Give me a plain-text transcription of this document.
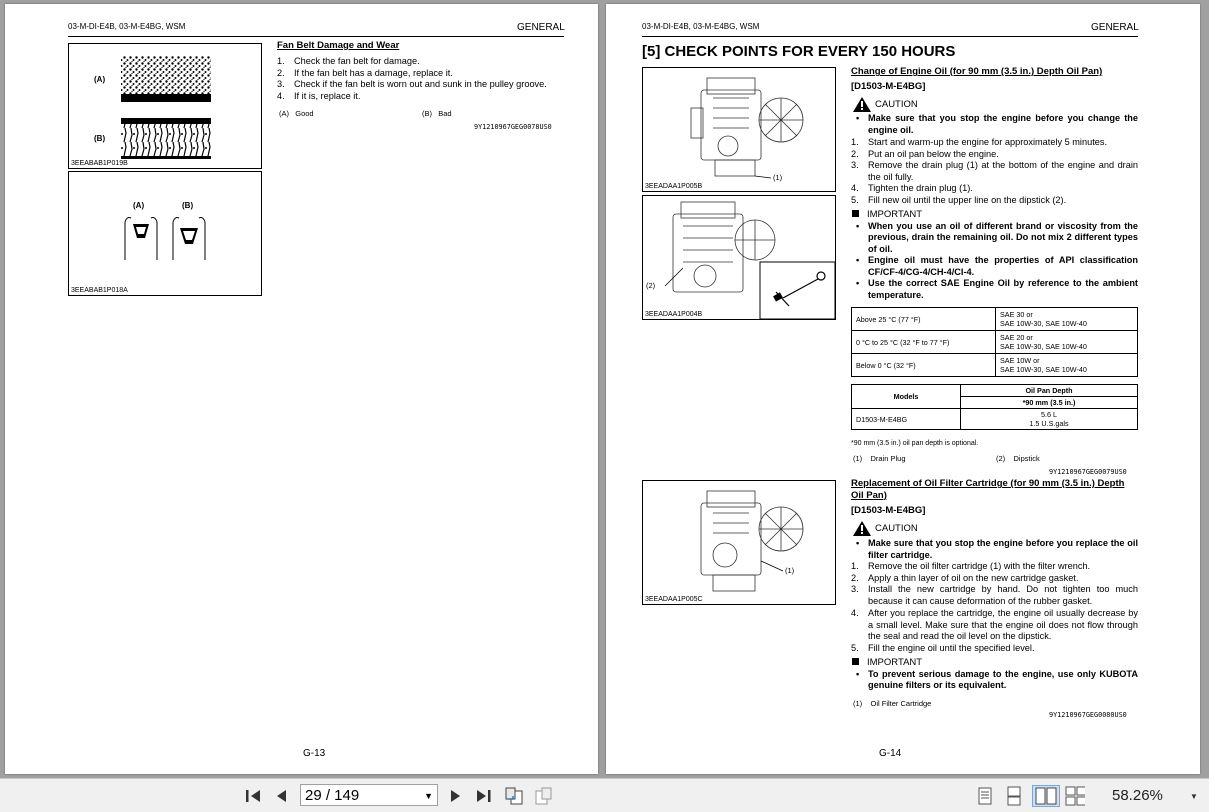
03-M-DI-E4B, 03-M-E4BG, WSM	GENERAL
(A)
(B)
3EEABAB1P019B
(A)	(B)
3EEABAB1P018A
Fan Belt Damage and Wear
1. Check the fan belt for damage.
2. If the fan belt has a damage, replace it.
3. Check if the fan belt is worn out and sunk in the pulley groove.
4. If it is, replace it.
(A)   Good	(B)   Bad
9Y1210967GEG0078US0
G-13
03-M-DI-E4B, 03-M-E4BG, WSM	GENERAL
[5] CHECK POINTS FOR EVERY 150 HOURS
(1)
3EEADAA1P005B
(2)
3EEADAA1P004B
Change of Engine Oil (for 90 mm (3.5 in.) Depth Oil Pan)
[D1503-M-E4BG]
CAUTION
• Make sure that you stop the engine before you change the engine oil.
1. Start and warm-up the engine for approximately 5 minutes.
2. Put an oil pan below the engine.
3. Remove the drain plug (1) at the bottom of the engine and drain the oil fully.
4. Tighten the drain plug (1).
5. Fill new oil until the upper line on the dipstick (2).
IMPORTANT
• When you use an oil of different brand or viscosity from the previous, drain the remaining oil. Do not mix 2 different types of oil.
• Engine oil must have the properties of API classification CF/CF-4/CG-4/CH-4/CI-4.
• Use the correct SAE Engine Oil by reference to the ambient temperature.
Above 25 °C (77 °F)	SAE 30 or
SAE 10W-30, SAE 10W-40

0 °C to 25 °C (32 °F to 77 °F)	SAE 20 or
SAE 10W-30, SAE 10W-40

Below 0 °C (32 °F)	SAE 10W or
SAE 10W-30, SAE 10W-40
Models	Oil Pan Depth
	*90 mm (3.5 in.)
D1503-M-E4BG	5.6 L
1.5 U.S.gals
*90 mm (3.5 in.) oil pan depth is optional.
(1)    Drain Plug	(2)    Dipstick
9Y1210967GEG0079US0
(1)
3EEADAA1P005C
Replacement of Oil Filter Cartridge (for 90 mm (3.5 in.) Depth Oil Pan)
[D1503-M-E4BG]
CAUTION
• Make sure that you stop the engine before you replace the oil filter cartridge.
1. Remove the oil filter cartridge (1) with the filter wrench.
2. Apply a thin layer of oil on the new cartridge gasket.
3. Install the new cartridge by hand. Do not tighten too much because it can cause deformation of the rubber gasket.
4. After you replace the cartridge, the engine oil usually decrease by a small level. Make sure that the engine oil does not flow through the seal and read the oil level on the dipstick.
5. Fill the engine oil until the specified level.
IMPORTANT
• To prevent serious damage to the engine, use only KUBOTA genuine filters or its equivalent.
(1)    Oil Filter Cartridge
9Y1210967GEG0080US0
G-14
29 / 149	▼	58.26%	▼
